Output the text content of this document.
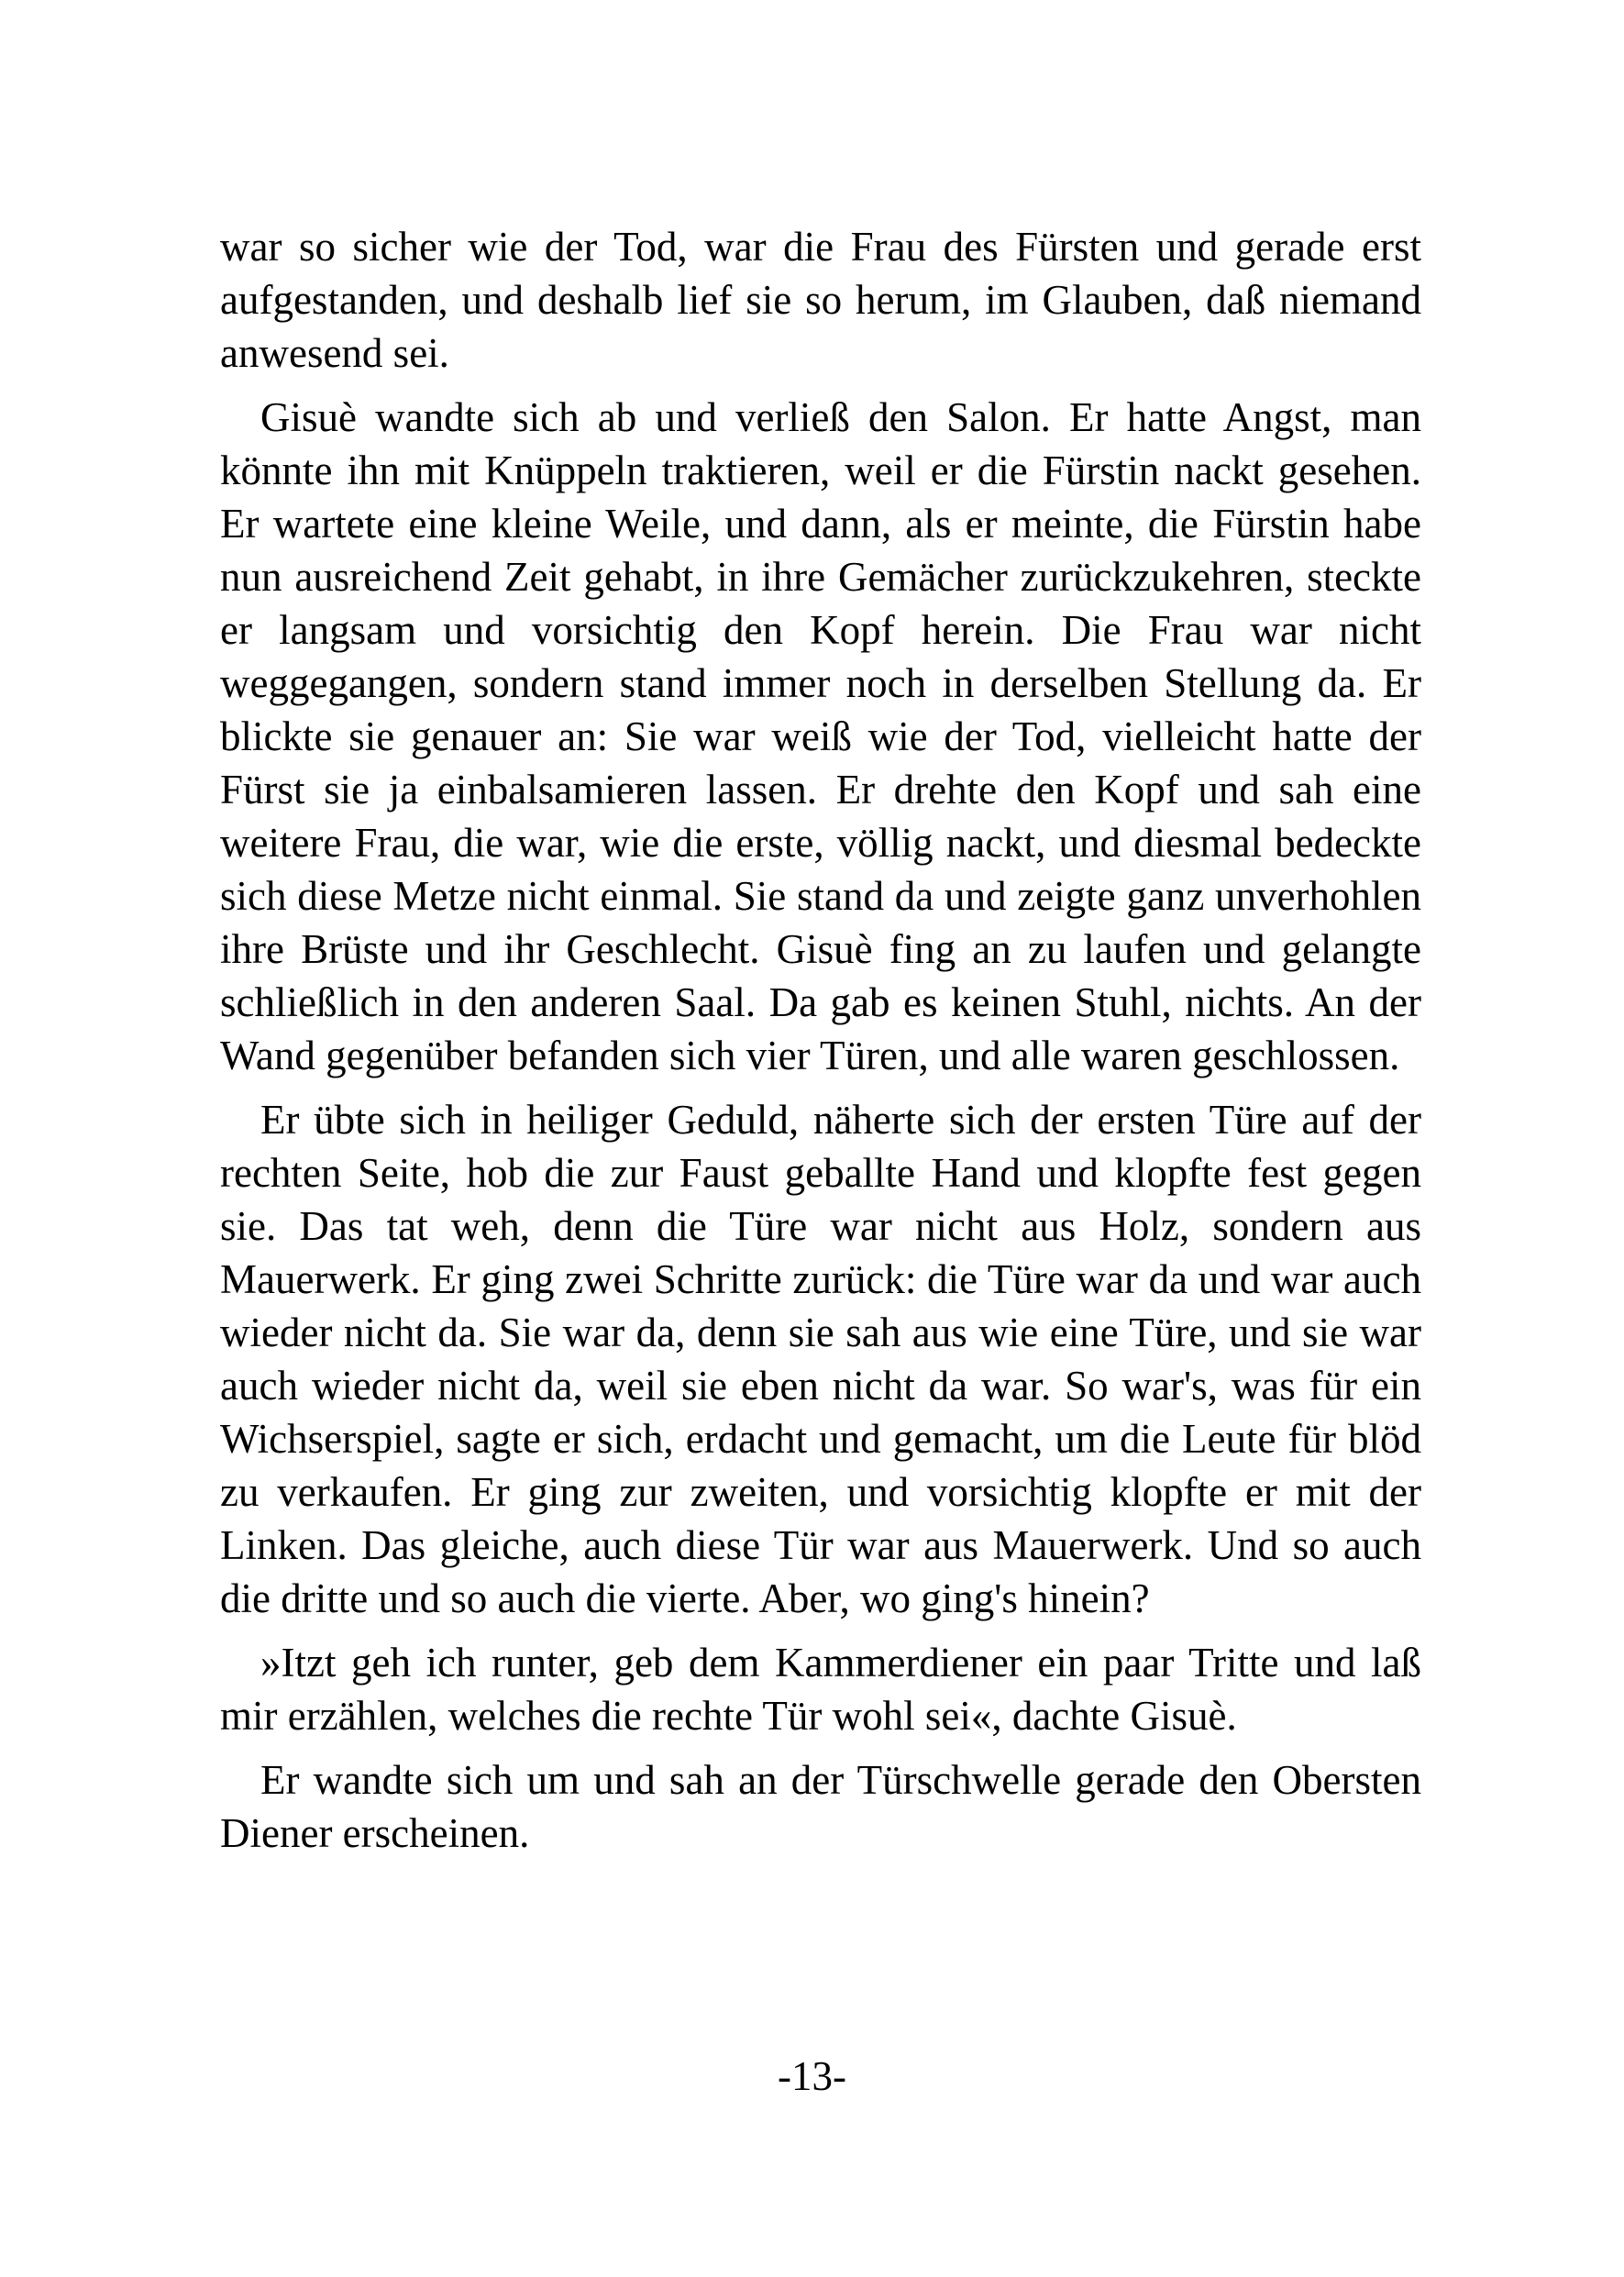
war so sicher wie der Tod, war die Frau des Fürsten und gerade erst aufgestanden, und deshalb lief sie so herum, im Glauben, daß niemand anwesend sei.

Gisuè wandte sich ab und verließ den Salon. Er hatte Angst, man könnte ihn mit Knüppeln traktieren, weil er die Fürstin nackt gesehen. Er wartete eine kleine Weile, und dann, als er meinte, die Fürstin habe nun ausreichend Zeit gehabt, in ihre Gemächer zurückzukehren, steckte er langsam und vorsichtig den Kopf herein. Die Frau war nicht weggegangen, sondern stand immer noch in derselben Stellung da. Er blickte sie genauer an: Sie war weiß wie der Tod, vielleicht hatte der Fürst sie ja einbalsamieren lassen. Er drehte den Kopf und sah eine weitere Frau, die war, wie die erste, völlig nackt, und diesmal bedeckte sich diese Metze nicht einmal. Sie stand da und zeigte ganz unverhohlen ihre Brüste und ihr Geschlecht. Gisuè fing an zu laufen und gelangte schließlich in den anderen Saal. Da gab es keinen Stuhl, nichts. An der Wand gegenüber befanden sich vier Türen, und alle waren geschlossen.

Er übte sich in heiliger Geduld, näherte sich der ersten Türe auf der rechten Seite, hob die zur Faust geballte Hand und klopfte fest gegen sie. Das tat weh, denn die Türe war nicht aus Holz, sondern aus Mauerwerk. Er ging zwei Schritte zurück: die Türe war da und war auch wieder nicht da. Sie war da, denn sie sah aus wie eine Türe, und sie war auch wieder nicht da, weil sie eben nicht da war. So war's, was für ein Wichserspiel, sagte er sich, erdacht und gemacht, um die Leute für blöd zu verkaufen. Er ging zur zweiten, und vorsichtig klopfte er mit der Linken. Das gleiche, auch diese Tür war aus Mauerwerk. Und so auch die dritte und so auch die vierte. Aber, wo ging's hinein?

»Itzt geh ich runter, geb dem Kammerdiener ein paar Tritte und laß mir erzählen, welches die rechte Tür wohl sei«, dachte Gisuè.

Er wandte sich um und sah an der Türschwelle gerade den Obersten Diener erscheinen.

-13-
